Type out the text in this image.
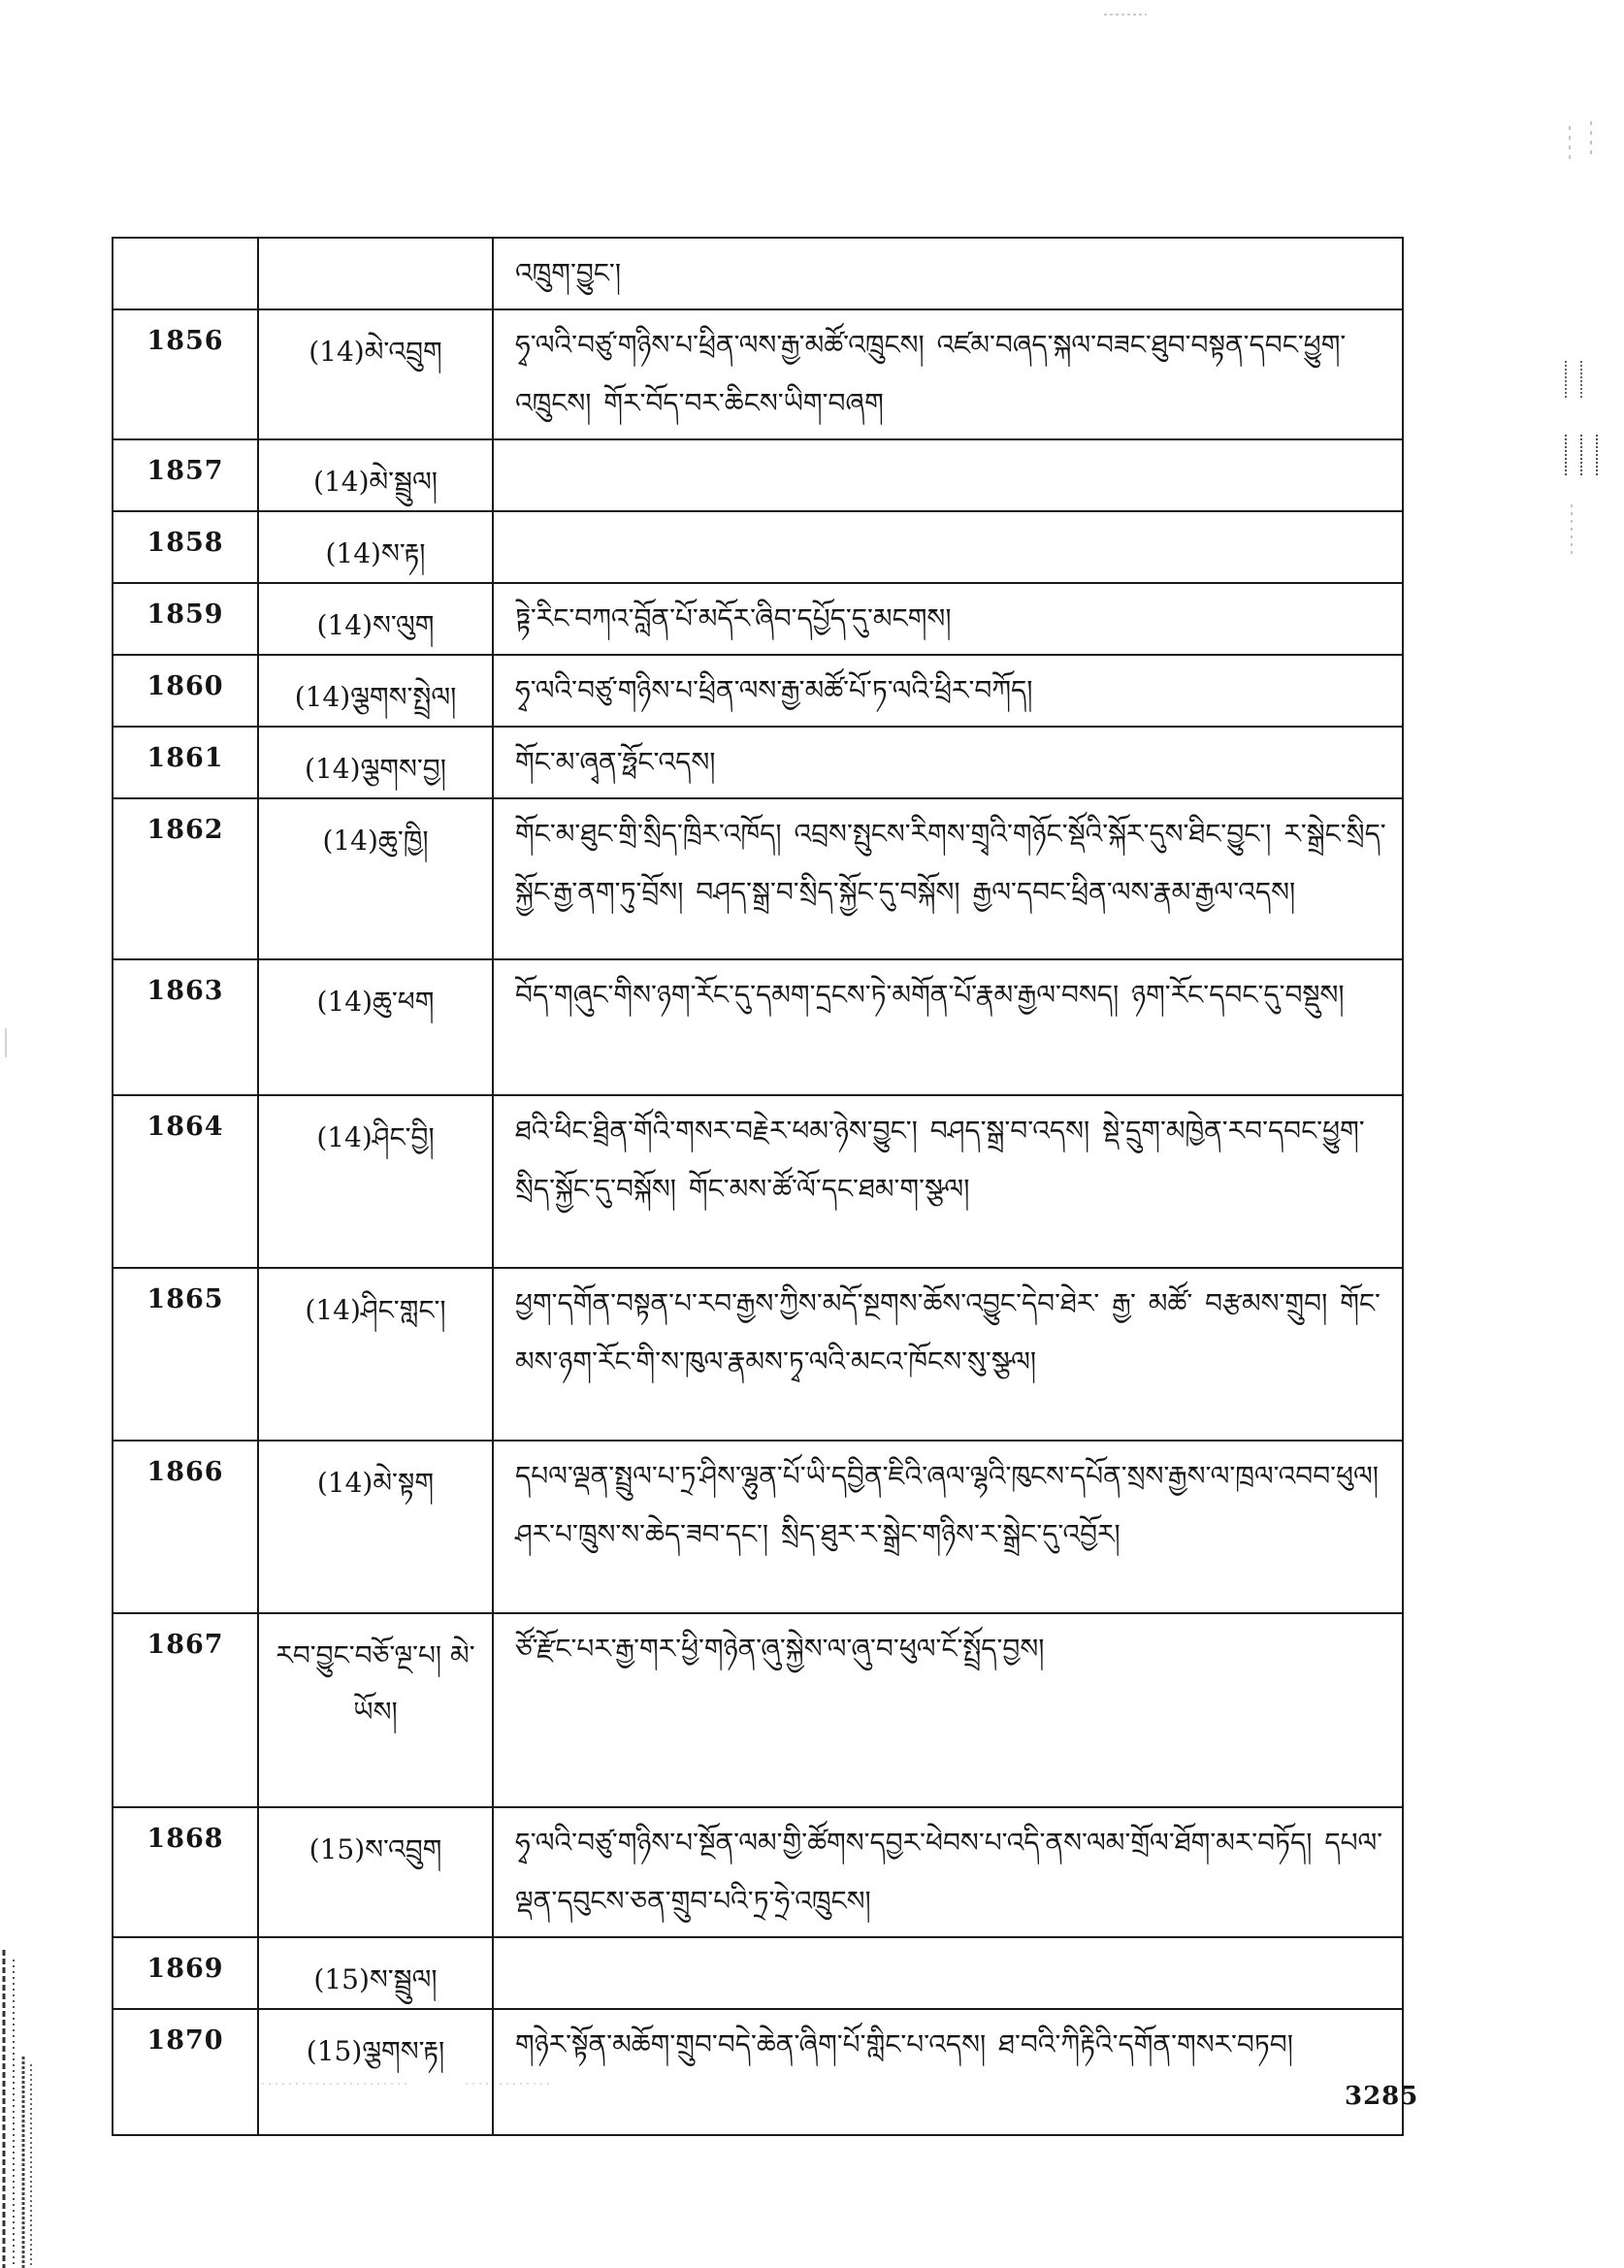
		འཁྲུག་བྱུང་།
1856	(14)མེ་འབྲུག	ཧྭ་ལའི་བཙུ་གཉིས་པ་ཕྲིན་ལས་རྒྱ་མཚོ་འཁྲུངས། འཛམ་བཞད་སྐལ་བཟང་ཐུབ་བསྟན་དབང་ཕྱུག་འཁྲུངས། གོར་བོད་བར་ཆིངས་ཡིག་བཞག
1857	(14)མེ་སྦྲུལ།	
1858	(14)ས་རྟ།	
1859	(14)ས་ལུག	ཏྟེ་རིང་བཀའ་བློན་པོ་མདོར་ཞིབ་དཔྱོད་དུ་མངགས།
1860	(14)ལྕགས་སྤྲེལ།	ཧྭ་ལའི་བཙུ་གཉིས་པ་ཕྲིན་ལས་རྒྱ་མཚོ་པོ་ཏ་ལའི་ཕྲིར་བཀོད།
1861	(14)ལྕགས་བྱ།	གོང་མ་ཞྭན་ཧྥོང་འདས།
1862	(14)ཆུ་ཁྱི།	གོང་མ་ཐུང་གྲི་སྲིད་ཁྲིར་འཁོད། འབྲས་སྤུངས་རིགས་གྲྭའི་གཉོང་སྡོའི་སྐོར་དུས་ཐིང་བྱུང་། ར་སྒྲེང་སྲིད་སྐྱོང་རྒྱ་ནག་ཏུ་བྲོས། བཤད་སྒྲ་བ་སྲིད་སྐྱོང་དུ་བསྐོས། རྒྱལ་དབང་ཕྲིན་ལས་རྣམ་རྒྱལ་འདས།
1863	(14)ཆུ་ཕག	བོད་གཞུང་གིས་ཉག་རོང་དུ་དམག་དྲངས་ཏེ་མགོན་པོ་རྣམ་རྒྱལ་བསད། ཉག་རོང་དབང་དུ་བསྡུས།
1864	(14)ཤིང་བྱི།	ཐའི་ཕིང་ཐྲིན་གོའི་གསར་བརྗེར་ཕམ་ཉེས་བྱུང་། བཤད་སྒྲ་བ་འདས། སྡེ་དྲུག་མཁྱེན་རབ་དབང་ཕྱུག་སྲིད་སྐྱོང་དུ་བསྐོས། གོང་མས་ཚོ་ལོ་དང་ཐམ་ག་སྩལ།
1865	(14)ཤིང་གླང་།	ཕྱག་དགོན་བསྟན་པ་རབ་རྒྱས་ཀྱིས་མདོ་སྔགས་ཆོས་འབྱུང་དེབ་ཐེར་ རྒྱ་ མཚོ་ བརྩམས་གྲུབ། གོང་མས་ཉག་རོང་གི་ས་ཁུལ་རྣམས་ཏྭ་ལའི་མངའ་ཁོངས་སུ་སྩལ།
1866	(14)མེ་སྟག	དཔལ་ལྡན་སྤྲུལ་པ་ཏྲ་ཤིས་ལྷུན་པོ་ཡི་དབྱིན་ཇིའི་ཞལ་ལྷའི་ཁུངས་དཔོན་སྲས་རྒྱས་ལ་ཁྲལ་འབབ་ཕུལ། ཤར་པ་ཁྲུས་ས་ཆེད་ཟབ་དང་། སྲིད་ཐུར་ར་སྒྲེང་གཉིས་ར་སྒྲེང་དུ་འབྱོར།
1867	རབ་བྱུང་བཅོ་ལྔ་པ། མེ་ཡོས།	ཙོ་རྫོང་པར་རྒྱ་གར་ཕྱི་གཉེན་ཞུ་སྐྱེས་ལ་ཞུ་བ་ཕུལ་ངོ་སྤྲོད་བྱས།
1868	(15)ས་འབྲུག	ཧྭ་ལའི་བཙུ་གཉིས་པ་སྔོན་ལམ་གྱི་ཚོགས་དབྱར་ཕེབས་པ་འདི་ནས་ལམ་གྲོལ་ཐོག་མར་བཏོད། དཔལ་ལྡན་དབུངས་ཅན་གྲུབ་པའི་ཏྲ་ཧྲེ་འཁྲུངས།
1869	(15)ས་སྦྲུལ།	
1870	(15)ལྕགས་རྟ།	གཉེར་སྟོན་མཆོག་གྲུབ་བདེ་ཆེན་ཞིག་པོ་གླིང་པ་འདས། ཐ་བའི་ཀིརྟིའི་དགོན་གསར་བཏབ།
3285
